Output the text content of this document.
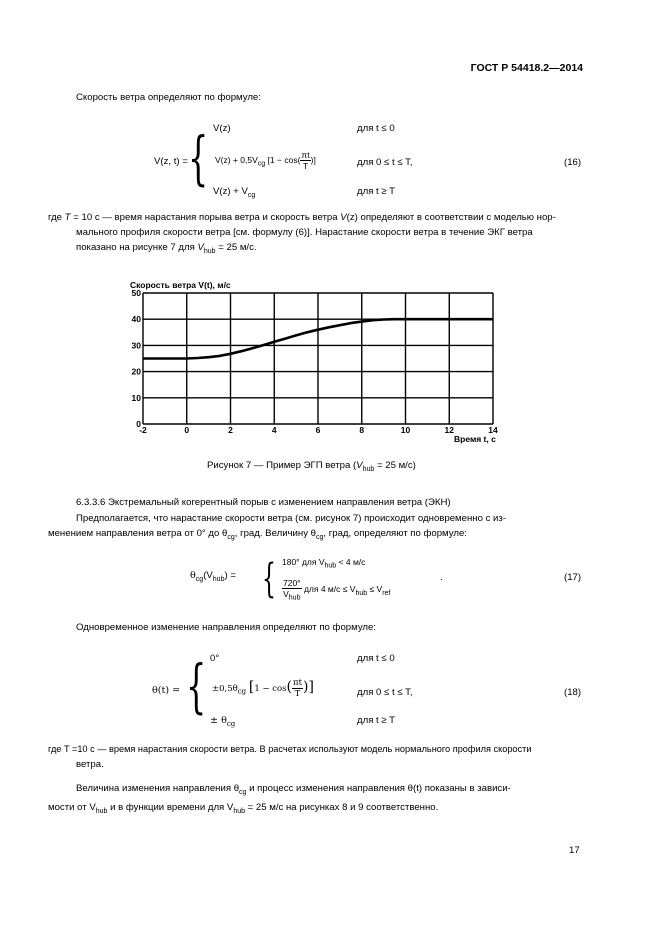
ГОСТ Р 54418.2—2014
Скорость ветра определяют по формуле:
V(z, t) = { V(z)	для t ≤ 0
$V(z) + 0,5V_{cg}$ [$1 - \cos( \frac{\pi t}{T}$ )]	для 0 ≤ t ≤ T,
$V(z) + V_{cg}$	для t ≥ T
(16)
где T = 10 с — время нарастания порыва ветра и скорость ветра V(z) определяют в соответствии с моделью нор-
мального профиля скорости ветра [см. формулу (6)]. Нарастание скорости ветра в течение ЭКГ ветра
показано на рисунке 7 для $V_{hub} = 25$ м/с.
Скорость ветра V(t), м/с
Время t, с
-2	0	2	4	6	8	10	12	14
0
10
20
30
40
50
Рисунок 7 — Пример ЭГП ветра ($V_{hub} = 25$ м/с)
6.3.3.6 Экстремальный когерентный порыв с изменением направления ветра (ЭКН)
Предполагается, что нарастание скорости ветра (см. рисунок 7) происходит одновременно с из-
менением направления ветра от 0° до $\theta_{cg}$, град. Величину $\theta_{cg}$, град, определяют по формуле:
$\theta_{cg}(V_{hub})$ = { 180° для $V_{hub} < 4$ м/с
$\frac{720^\circ}{V_{hub}}$ для 4 $м/с \le V_{hub} \le V_{ref}$
.	(17)
Одновременное изменение направления определяют по формуле:
θ(t) = { 0°	для t ≤ 0
$\pm 0,5\theta_{cg}$ [$1 - \cos( \frac{\pi t}{T}$ )]	для 0 ≤ t ≤ T,
± $\theta_{cg}$	для t ≥ T
(18)
где T =10 с — время нарастания скорости ветра. В расчетах используют модель нормального профиля скорости
ветра.
Величина изменения направления $\theta_{cg}$ и процесс изменения направления θ(t) показаны в зависи-
мости от $V_{hub}$ и в функции времени для $V_{hub} = 25$ м/с на рисунках 8 и 9 соответственно.
17
